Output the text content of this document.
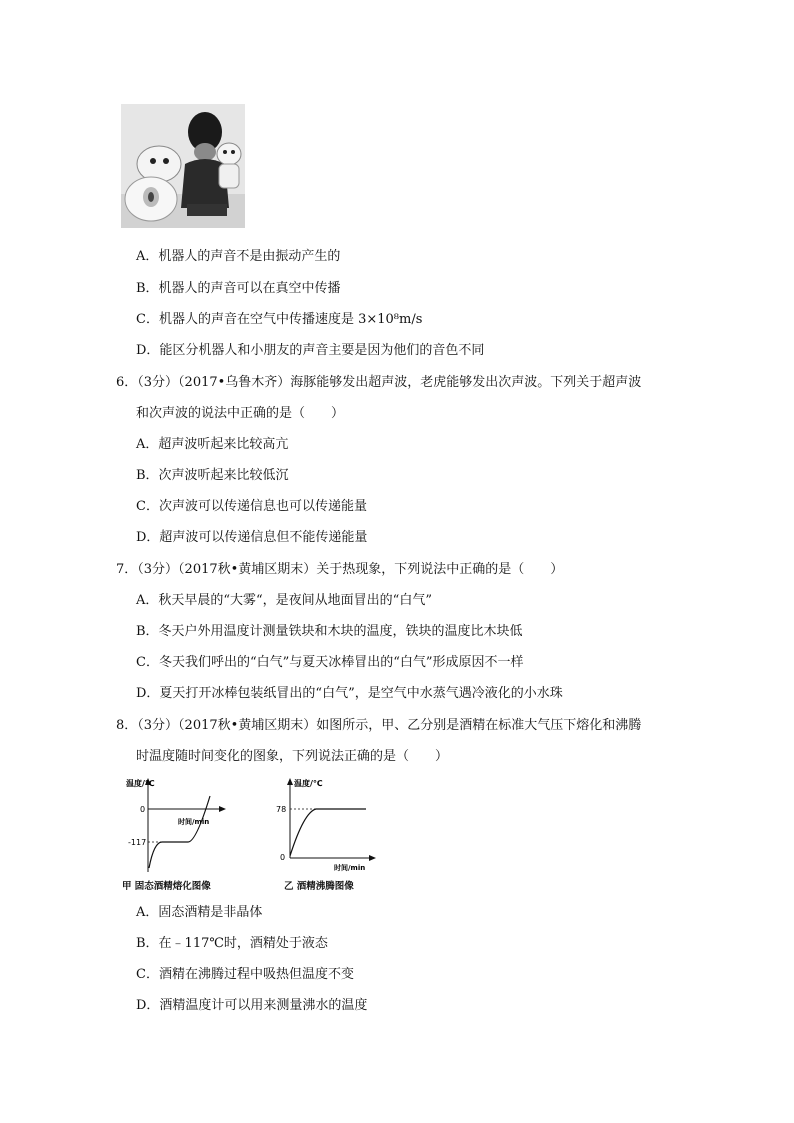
A．机器人的声音不是由振动产生的
B．机器人的声音可以在真空中传播
C．机器人的声音在空气中传播速度是 3×10⁸m/s
D．能区分机器人和小朋友的声音主要是因为他们的音色不同
6．（3分）（2017•乌鲁木齐）海豚能够发出超声波，老虎能够发出次声波。下列关于超声波
和次声波的说法中正确的是（　　）
A．超声波听起来比较高亢
B．次声波听起来比较低沉
C．次声波可以传递信息也可以传递能量
D．超声波可以传递信息但不能传递能量
7．（3分）（2017秋•黄埔区期末）关于热现象，下列说法中正确的是（　　）
A．秋天早晨的“大雾“，是夜间从地面冒出的“白气”
B．冬天户外用温度计测量铁块和木块的温度，铁块的温度比木块低
C．冬天我们呼出的“白气”与夏天冰棒冒出的“白气”形成原因不一样
D．夏天打开冰棒包装纸冒出的“白气”，是空气中水蒸气遇冷液化的小水珠
8．（3分）（2017秋•黄埔区期末）如图所示，甲、乙分别是酒精在标准大气压下熔化和沸腾
时温度随时间变化的图象，下列说法正确的是（　　）
温度/℃
时间/min
0
-117
甲 固态酒精熔化图像
温度/℃
时间/min
78
0
乙 酒精沸腾图像
A．固态酒精是非晶体
B．在﹣117℃时，酒精处于液态
C．酒精在沸腾过程中吸热但温度不变
D．酒精温度计可以用来测量沸水的温度
